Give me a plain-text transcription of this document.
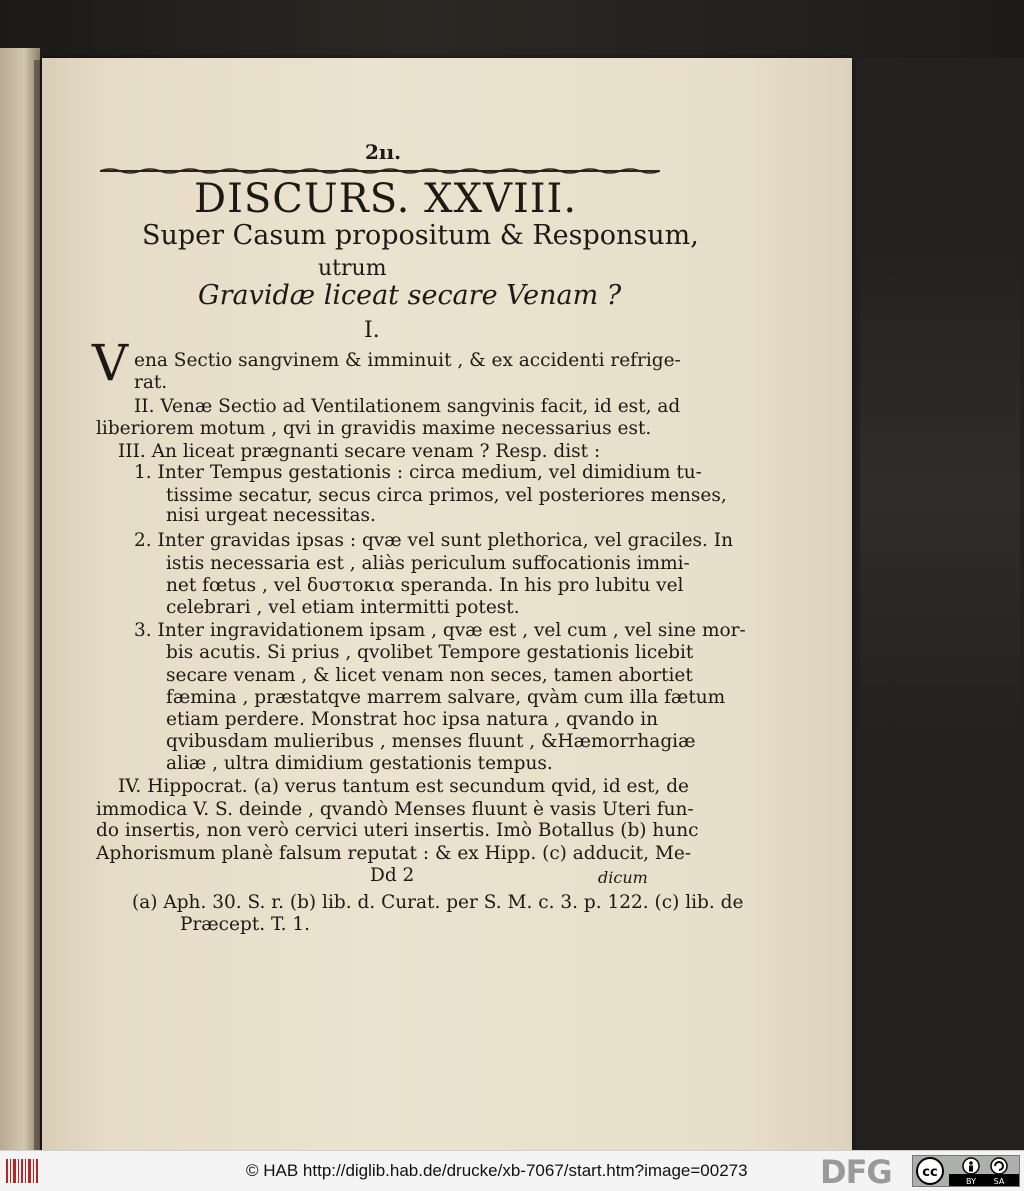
2ıı.
DISCURS. XXVIII.
Super Casum propositum & Responsum,
utrum
Gravidæ liceat secare Venam ?
I.
V ena Sectio sangvinem & imminuit , & ex accidenti refrige-
rat.
II. Venæ Sectio ad Ventilationem sangvinis facit, id est, ad
liberiorem motum , qvi in gravidis maxime necessarius est.
III. An liceat prægnanti secare venam ? Resp. dist :
1. Inter Tempus gestationis : circa medium, vel dimidium tu-
tissime secatur, secus circa primos, vel posteriores menses,
nisi urgeat necessitas.
2. Inter gravidas ipsas : qvæ vel sunt plethorica, vel graciles. In
istis necessaria est , aliàs periculum suffocationis immi-
net fœtus , vel δυστοκια speranda. In his pro lubitu vel
celebrari , vel etiam intermitti potest.
3. Inter ingravidationem ipsam , qvæ est , vel cum , vel sine mor-
bis acutis. Si prius , qvolibet Tempore gestationis licebit
secare venam , & licet venam non seces, tamen abortiet
fæmina , præstatqve marrem salvare, qvàm cum illa fætum
etiam perdere. Monstrat hoc ipsa natura , qvando in
qvibusdam mulieribus , menses fluunt , &Hæmorrhagiæ
aliæ , ultra dimidium gestationis tempus.
IV. Hippocrat. (a) verus tantum est secundum qvid, id est, de
immodica V. S. deinde , qvandò Menses fluunt è vasis Uteri fun-
do insertis, non verò cervici uteri insertis. Imò Botallus (b) hunc
Aphorismum planè falsum reputat : & ex Hipp. (c) adducit, Me-
Dd 2	dicum
(a) Aph. 30. S. r. (b) lib. d. Curat. per S. M. c. 3. p. 122. (c) lib. de
Præcept. T. 1.
© HAB http://diglib.hab.de/drucke/xb-7067/start.htm?image=00273 DFG cc
BY SA
